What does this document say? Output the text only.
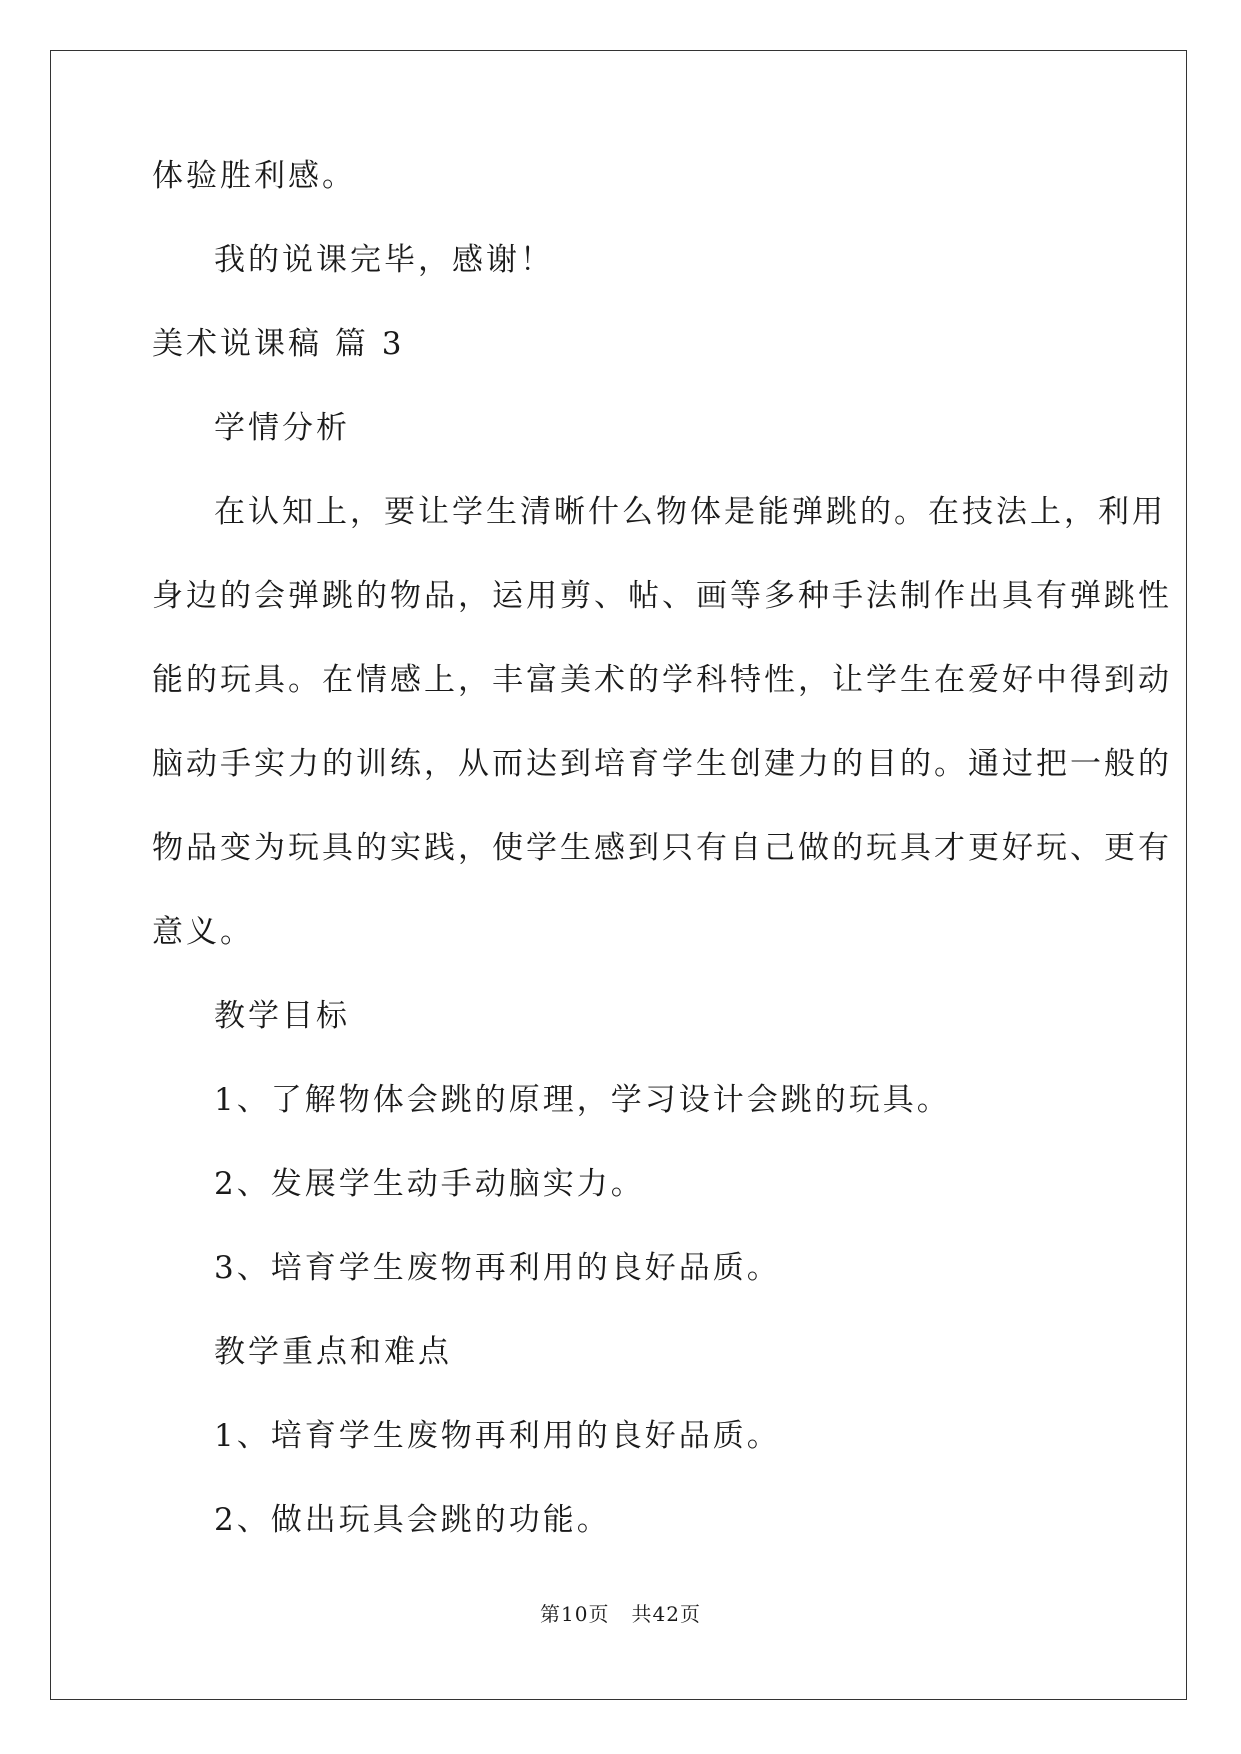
体验胜利感。
我的说课完毕，感谢！
美术说课稿 篇 3
学情分析
在认知上，要让学生清晰什么物体是能弹跳的。在技法上，利用
身边的会弹跳的物品，运用剪、帖、画等多种手法制作出具有弹跳性
能的玩具。在情感上，丰富美术的学科特性，让学生在爱好中得到动
脑动手实力的训练，从而达到培育学生创建力的目的。通过把一般的
物品变为玩具的实践，使学生感到只有自己做的玩具才更好玩、更有
意义。
教学目标
1、了解物体会跳的原理，学习设计会跳的玩具。
2、发展学生动手动脑实力。
3、培育学生废物再利用的良好品质。
教学重点和难点
1、培育学生废物再利用的良好品质。
2、做出玩具会跳的功能。
第10页 共42页
